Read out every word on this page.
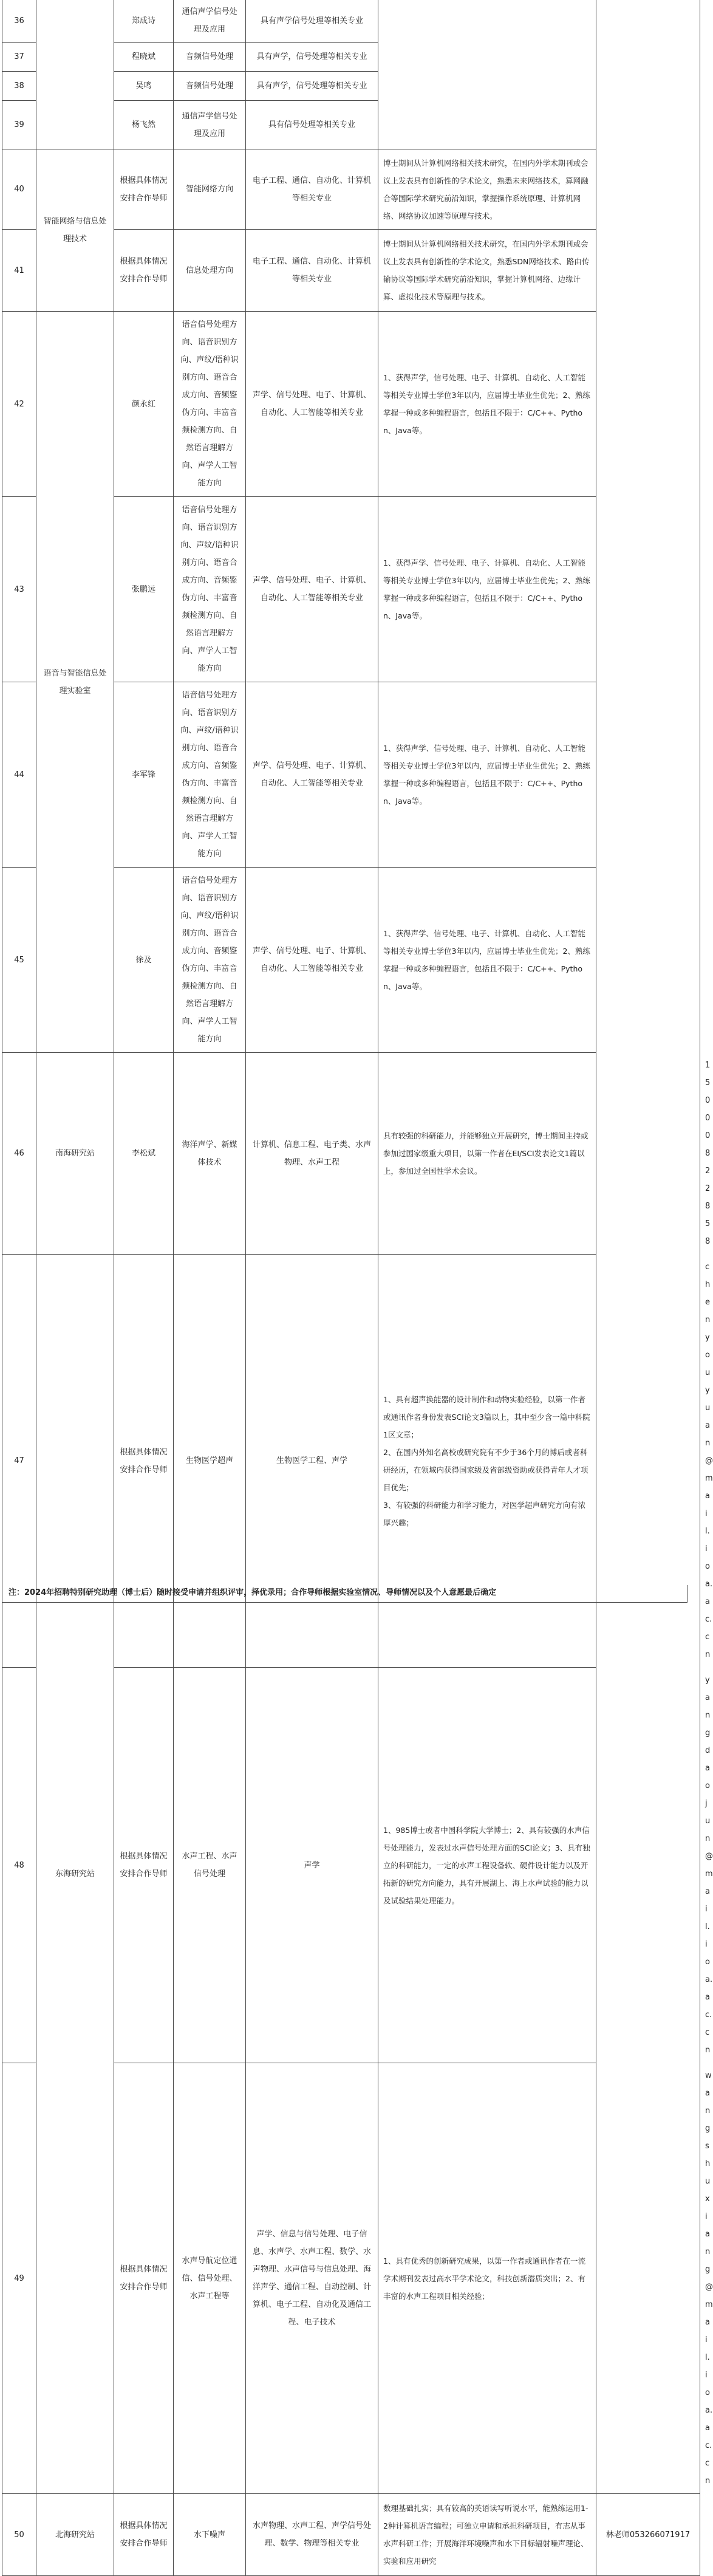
36		郑成诗	通信声学信号处理及应用	具有声学信号处理等相关专业			
37		程晓斌	音频信号处理	具有声学，信号处理等相关专业			
38		吴鸣	音频信号处理	具有声学，信号处理等相关专业			
39		杨飞然	通信声学信号处理及应用	具有信号处理等相关专业			
40	智能网络与信息处理技术	根据具体情况安排合作导师	智能网络方向	电子工程、通信、自动化、计算机等相关专业	博士期间从计算机网络相关技术研究，在国内外学术期刊或会议上发表具有创新性的学术论文，熟悉未来网络技术，算网融合等国际学术研究前沿知识，掌握操作系统原理、计算机网络、网络协议加速等原理与技术。		
41		根据具体情况安排合作导师	信息处理方向	电子工程、通信、自动化、计算机等相关专业	博士期间从计算机网络相关技术研究，在国内外学术期刊或会议上发表具有创新性的学术论文，熟悉SDN网络技术、路由传输协议等国际学术研究前沿知识，掌握计算机网络、边缘计算、虚拟化技术等原理与技术。		
42	语音与智能信息处理实验室	颜永红	语音信号处理方向、语音识别方向、声纹/语种识别方向、语音合成方向、音频鉴伪方向、丰富音频检测方向、自然语言理解方向、声学人工智能方向	声学、信号处理、电子、计算机、自动化、人工智能等相关专业	1、获得声学，信号处理、电子、计算机、自动化、人工智能等相关专业博士学位3年以内，应届博士毕业生优先；2、熟练掌握一种或多种编程语言，包括且不限于：C/C++、Python、Java等。		
43		张鹏远	语音信号处理方向、语音识别方向、声纹/语种识别方向、语音合成方向、音频鉴伪方向、丰富音频检测方向、自然语言理解方向、声学人工智能方向	声学、信号处理、电子、计算机、自动化、人工智能等相关专业	1、获得声学、信号处理、电子、计算机、自动化、人工智能等相关专业博士学位3年以内，应届博士毕业生优先；2、熟练掌握一种或多种编程语言，包括且不限于：C/C++、Python、Java等。		
44		李军锋	语音信号处理方向、语音识别方向、声纹/语种识别方向、语音合成方向、音频鉴伪方向、丰富音频检测方向、自然语言理解方向、声学人工智能方向	声学、信号处理、电子、计算机、自动化、人工智能等相关专业	1、获得声学、信号处理、电子、计算机、自动化、人工智能等相关专业博士学位3年以内，应届博士毕业生优先；2、熟练掌握一种或多种编程语言，包括且不限于：C/C++、Python、Java等。		
45		徐及	语音信号处理方向、语音识别方向、声纹/语种识别方向、语音合成方向、音频鉴伪方向、丰富音频检测方向、自然语言理解方向、声学人工智能方向	声学、信号处理、电子、计算机、自动化、人工智能等相关专业	1、获得声学、信号处理、电子、计算机、自动化、人工智能等相关专业博士学位3年以内，应届博士毕业生优先；2、熟练掌握一种或多种编程语言，包括且不限于：C/C++、Python、Java等。		
46	南海研究站	李松斌	海洋声学、新媒体技术	计算机、信息工程、电子类、水声物理、水声工程	具有较强的科研能力，并能够独立开展研究，博士期间主持或参加过国家级重大项目，以第一作者在EI/SCI发表论文1篇以上，参加过全国性学术会议。		15000822858
47	东海研究站	根据具体情况安排合作导师	生物医学超声	生物医学工程、声学	1、具有超声换能器的设计制作和动物实验经验，以第一作者或通讯作者身份发表SCI论文3篇以上，其中至少含一篇中科院1区文章；
2、在国内外知名高校或研究院有不少于36个月的博后或者科研经历，在领域内获得国家级及省部级资助或获得青年人才项目优先；
3、有较强的科研能力和学习能力，对医学超声研究方向有浓厚兴趣；		chenyouyuan@mail.ioa.ac.cn
48		根据具体情况安排合作导师	水声工程、水声信号处理	声学	1、985博士或者中国科学院大学博士；2、具有较强的水声信号处理能力，发表过水声信号处理方面的SCI论文；3、具有独立的科研能力，一定的水声工程设备软、硬件设计能力以及开拓新的研究方向能力，具有开展湖上、海上水声试验的能力以及试验结果处理能力。		yangdaojun@mail.ioa.ac.cn
49		根据具体情况安排合作导师	水声导航定位通信、信号处理、水声工程等	声学、信息与信号处理、电子信息、水声学、水声工程、数学、水声物理、水声信号与信息处理、海洋声学、通信工程、自动控制、计算机、电子工程、自动化及通信工程、电子技术	1、具有优秀的创新研究成果，以第一作者或通讯作者在一流学术期刊发表过高水平学术论文，科技创新潜质突出；2、有丰富的水声工程项目相关经验；		wangshuxiang@mail.ioa.ac.cn
50	北海研究站	根据具体情况安排合作导师	水下噪声	水声物理、水声工程、声学信号处理、数学、物理等相关专业	数理基础扎实；具有较高的英语读写听说水平，能熟练运用1-2种计算机语言编程；可独立申请和承担科研项目，有志从事水声科研工作；开展海洋环境噪声和水下目标辐射噪声理论、实验和应用研究	林老师053266071917	
注：2024年招聘特别研究助理（博士后）随时接受申请并组织评审，择优录用；合作导师根据实验室情况、导师情况以及个人意愿最后确定
